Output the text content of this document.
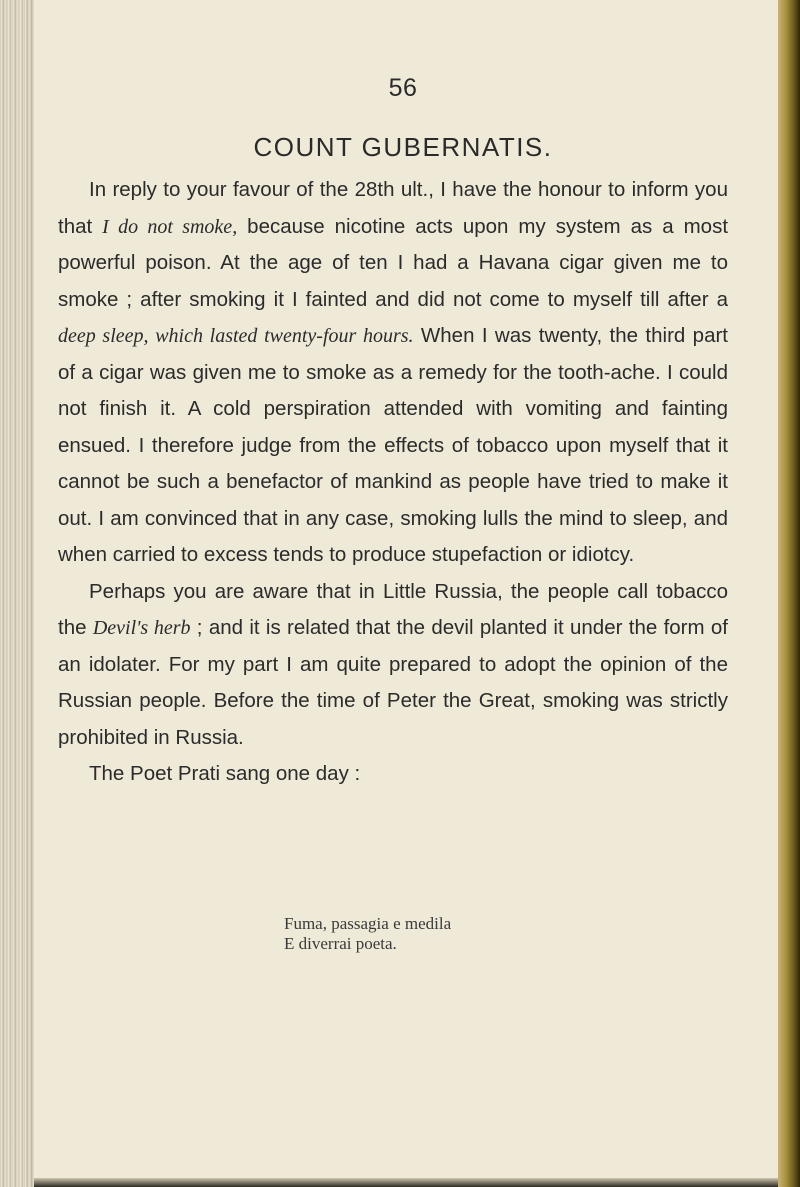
56
COUNT GUBERNATIS.

In reply to your favour of the 28th ult., I have the honour to inform you that I do not smoke, because nicotine acts upon my system as a most powerful poison. At the age of ten I had a Havana cigar given me to smoke ; after smoking it I fainted and did not come to myself till after a deep sleep, which lasted twenty-four hours. When I was twenty, the third part of a cigar was given me to smoke as a remedy for the tooth-ache. I could not finish it. A cold perspiration attended with vomiting and fainting ensued. I therefore judge from the effects of tobacco upon myself that it cannot be such a benefactor of mankind as people have tried to make it out. I am convinced that in any case, smoking lulls the mind to sleep, and when carried to excess tends to produce stupefaction or idiotcy.

Perhaps you are aware that in Little Russia, the people call tobacco the Devil's herb ; and it is related that the devil planted it under the form of an idolater. For my part I am quite prepared to adopt the opinion of the Russian people. Before the time of Peter the Great, smoking was strictly prohibited in Russia.

The Poet Prati sang one day :

Fuma, passagia e medila
E diverrai poeta.
